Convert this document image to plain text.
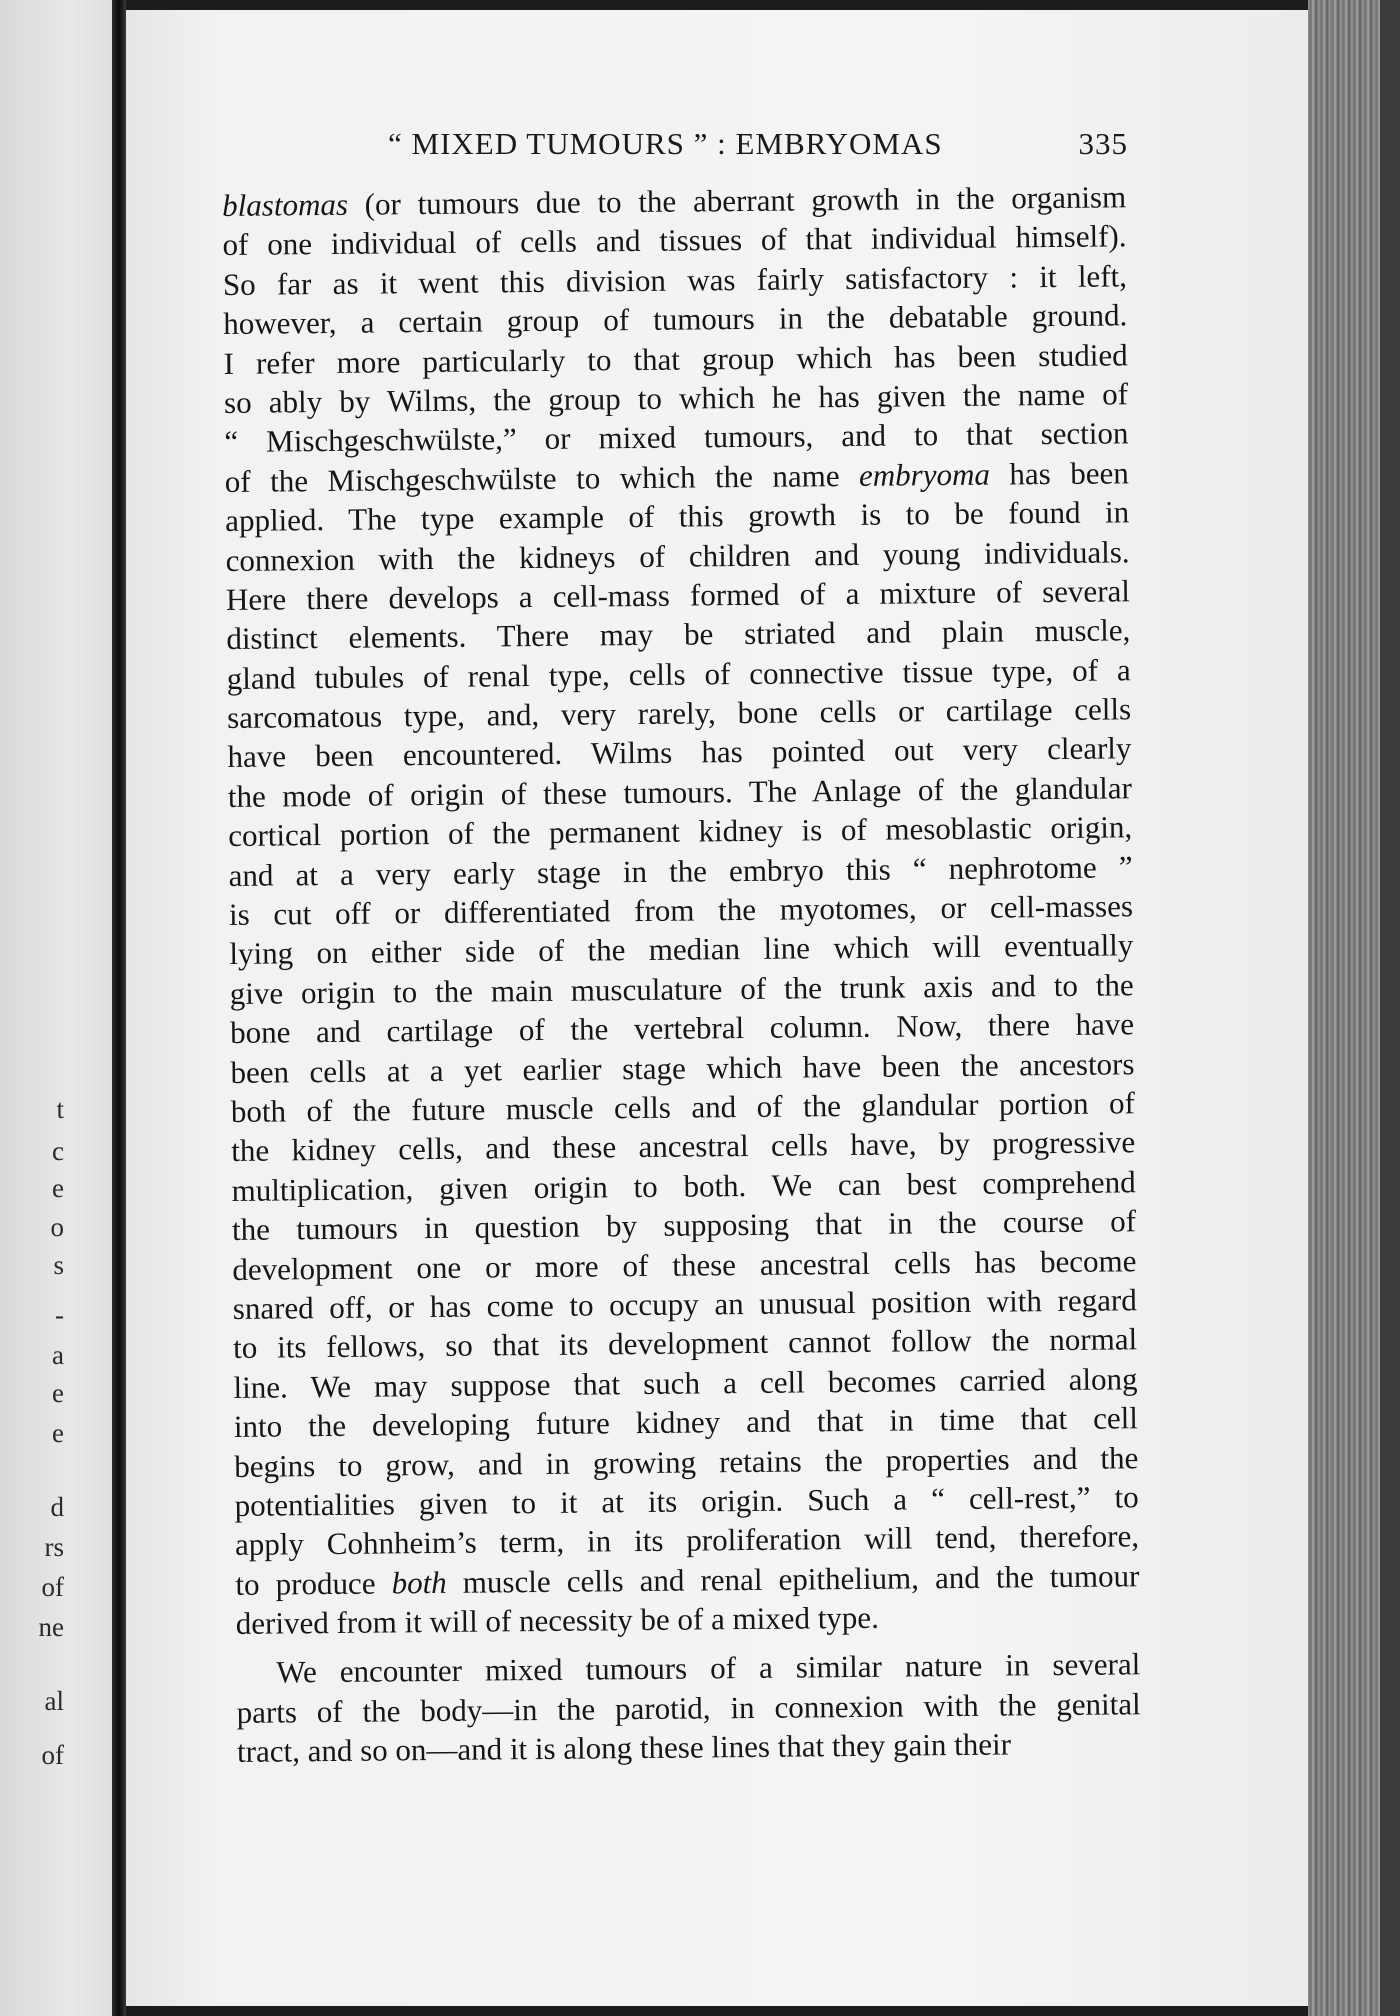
t
c
e
o
s
-
a
e
e
d
rs
of
ne
al
of
“ MIXED TUMOURS ” : EMBRYOMAS	335
blastomas (or tumours due to the aberrant growth in the organism
of one individual of cells and tissues of that individual himself).
So far as it went this division was fairly satisfactory : it left,
however, a certain group of tumours in the debatable ground.
I refer more particularly to that group which has been studied
so ably by Wilms, the group to which he has given the name of
“ Mischgeschwülste,” or mixed tumours, and to that section
of the Mischgeschwülste to which the name embryoma has been
applied. The type example of this growth is to be found in
connexion with the kidneys of children and young individuals.
Here there develops a cell-mass formed of a mixture of several
distinct elements. There may be striated and plain muscle,
gland tubules of renal type, cells of connective tissue type, of a
sarcomatous type, and, very rarely, bone cells or cartilage cells
have been encountered. Wilms has pointed out very clearly
the mode of origin of these tumours. The Anlage of the glandular
cortical portion of the permanent kidney is of mesoblastic origin,
and at a very early stage in the embryo this “ nephrotome ”
is cut off or differentiated from the myotomes, or cell-masses
lying on either side of the median line which will eventually
give origin to the main musculature of the trunk axis and to the
bone and cartilage of the vertebral column. Now, there have
been cells at a yet earlier stage which have been the ancestors
both of the future muscle cells and of the glandular portion of
the kidney cells, and these ancestral cells have, by progressive
multiplication, given origin to both. We can best comprehend
the tumours in question by supposing that in the course of
development one or more of these ancestral cells has become
snared off, or has come to occupy an unusual position with regard
to its fellows, so that its development cannot follow the normal
line. We may suppose that such a cell becomes carried along
into the developing future kidney and that in time that cell
begins to grow, and in growing retains the properties and the
potentialities given to it at its origin. Such a “ cell-rest,” to
apply Cohnheim’s term, in its proliferation will tend, therefore,
to produce both muscle cells and renal epithelium, and the tumour
derived from it will of necessity be of a mixed type.
We encounter mixed tumours of a similar nature in several
parts of the body—in the parotid, in connexion with the genital
tract, and so on—and it is along these lines that they gain their
